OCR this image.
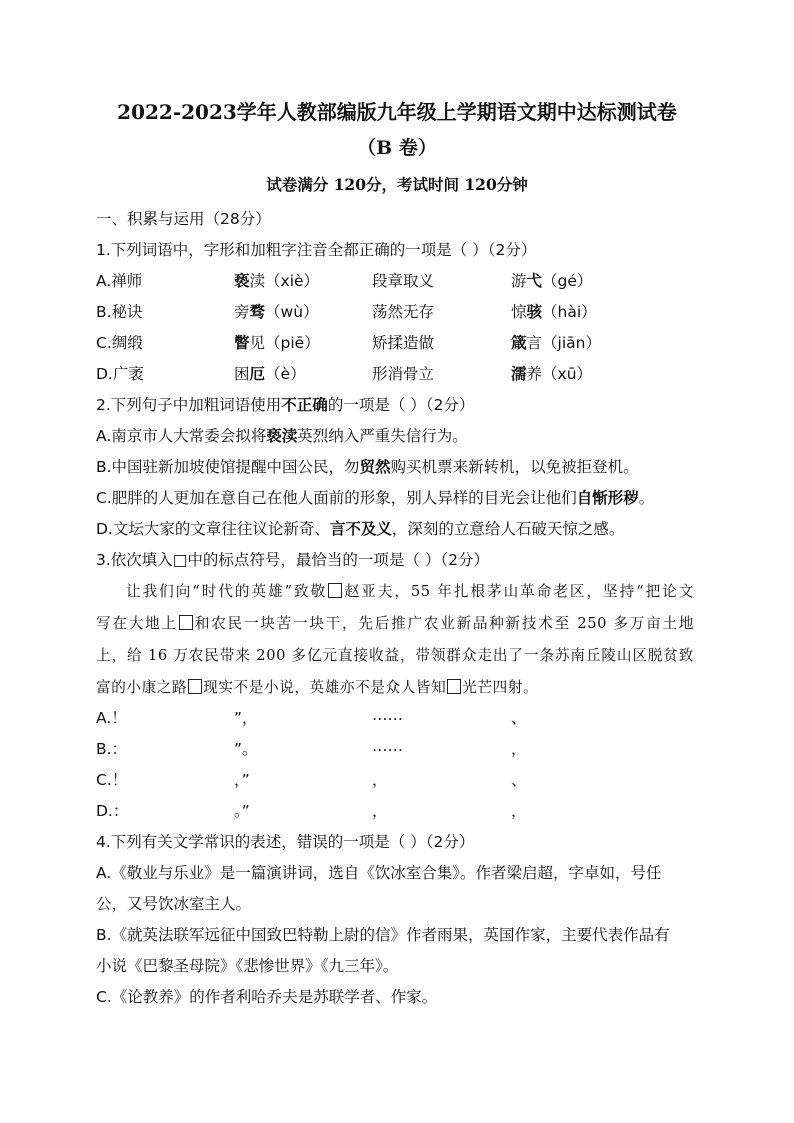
2022-2023学年人教部编版九年级上学期语文期中达标测试卷
（B 卷）
试卷满分 120分，考试时间 120分钟
一、积累与运用（28分）
1.下列词语中，字形和加粗字注音全都正确的一项是（ ）（2分）
A.禅师	亵渎（xiè）	段章取义	游弋（gé）
B.秘诀	旁骛（wù）	荡然无存	惊骇（hài）
C.绸缎	瞥见（piē）	矫揉造做	箴言（jiān）
D.广袤	困厄（è）	形消骨立	濡养（xū）
2.下列句子中加粗词语使用不正确的一项是（ ）（2分）
A.南京市人大常委会拟将亵渎英烈纳入严重失信行为。
B.中国驻新加坡使馆提醒中国公民，勿贸然购买机票来新转机，以免被拒登机。
C.肥胖的人更加在意自己在他人面前的形象，别人异样的目光会让他们自惭形秽。
D.文坛大家的文章往往议论新奇、言不及义，深刻的立意给人石破天惊之感。
3.依次填入□中的标点符号，最恰当的一项是（ ）（2分）
让我们向“时代的英雄”致敬 赵亚夫，55 年扎根茅山革命老区，坚持“把论文
写在大地上 和农民一块苦一块干，先后推广农业新品种新技术至 250 多万亩土地
上，给 16 万农民带来 200 多亿元直接收益，带领群众走出了一条苏南丘陵山区脱贫致
富的小康之路 现实不是小说，英雄亦不是众人皆知 光芒四射。
A.！	”，	……	、
B.：	”。	……	，
C.！	，”	，	、
D.：	。”	，	，
4.下列有关文学常识的表述，错误的一项是（ ）（2分）
A.《敬业与乐业》是一篇演讲词，选自《饮冰室合集》。作者梁启超，字卓如，号任
公，又号饮冰室主人。
B.《就英法联军远征中国致巴特勒上尉的信》作者雨果，英国作家，主要代表作品有
小说《巴黎圣母院》《悲惨世界》《九三年》。
C.《论教养》的作者利哈乔夫是苏联学者、作家。
